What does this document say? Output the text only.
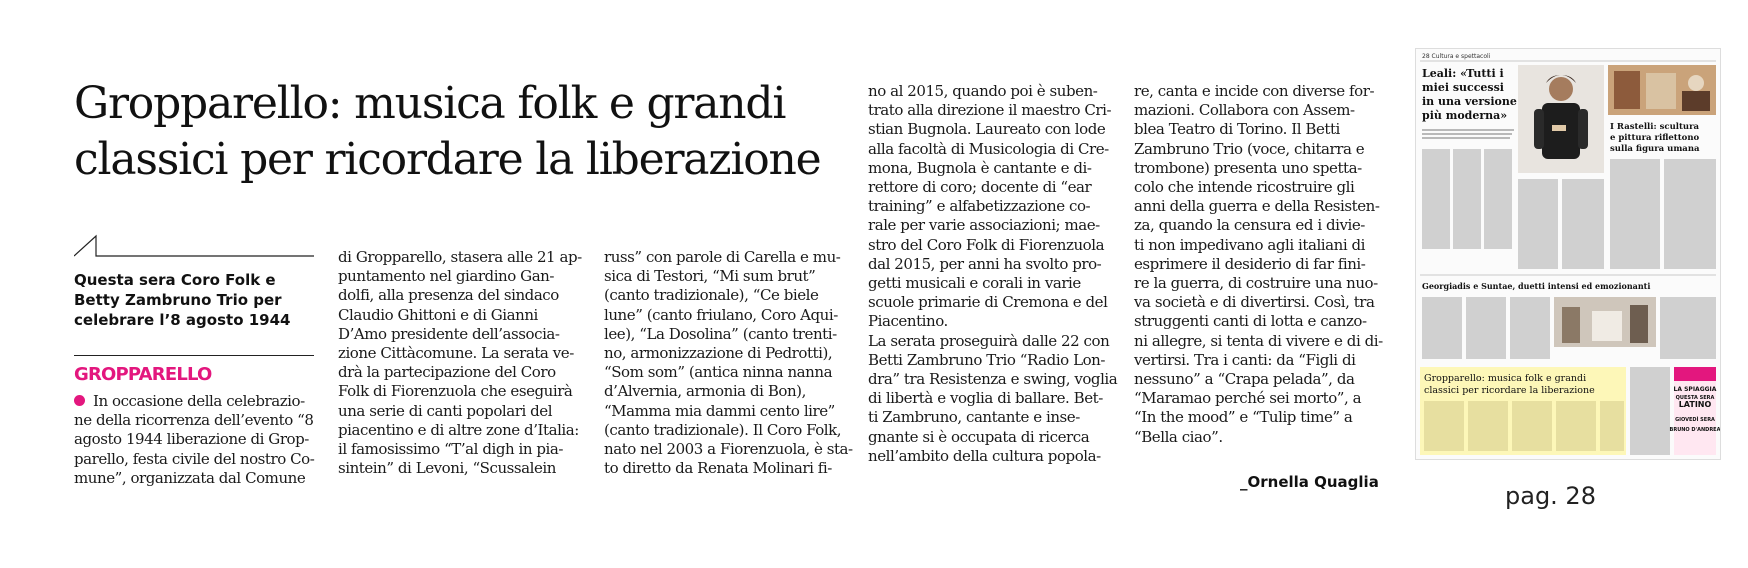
Gropparello: musica folk e grandi
classici per ricordare la liberazione
Questa sera Coro Folk e
Betty Zambruno Trio per
celebrare l’8 agosto 1944
GROPPARELLO
In occasione della celebrazio-
ne della ricorrenza dell’evento “8
agosto 1944 liberazione di Grop-
parello, festa civile del nostro Co-
mune”, organizzata dal Comune
di Gropparello, stasera alle 21 ap-
puntamento nel giardino Gan-
dolfi, alla presenza del sindaco
Claudio Ghittoni e di Gianni
D’Amo presidente dell’associa-
zione Cittàcomune. La serata ve-
drà la partecipazione del Coro
Folk di Fiorenzuola che eseguirà
una serie di canti popolari del
piacentino e di altre zone d’Italia:
il famosissimo “T’al digh in pia-
sintein” di Levoni, “Scussalein
russ” con parole di Carella e mu-
sica di Testori, “Mi sum brut”
(canto tradizionale), “Ce biele
lune” (canto friulano, Coro Aqui-
lee), “La Dosolina” (canto trenti-
no, armonizzazione di Pedrotti),
“Som som” (antica ninna nanna
d’Alvernia, armonia di Bon),
“Mamma mia dammi cento lire”
(canto tradizionale). Il Coro Folk,
nato nel 2003 a Fiorenzuola, è sta-
to diretto da Renata Molinari fi-
no al 2015, quando poi è suben-
trato alla direzione il maestro Cri-
stian Bugnola. Laureato con lode
alla facoltà di Musicologia di Cre-
mona, Bugnola è cantante e di-
rettore di coro; docente di “ear
training” e alfabetizzazione co-
rale per varie associazioni; mae-
stro del Coro Folk di Fiorenzuola
dal 2015, per anni ha svolto pro-
getti musicali e corali in varie
scuole primarie di Cremona e del
Piacentino.
La serata proseguirà dalle 22 con
Betti Zambruno Trio “Radio Lon-
dra” tra Resistenza e swing, voglia
di libertà e voglia di ballare. Bet-
ti Zambruno, cantante e inse-
gnante si è occupata di ricerca
nell’ambito della cultura popola-
re, canta e incide con diverse for-
mazioni. Collabora con Assem-
blea Teatro di Torino. Il Betti
Zambruno Trio (voce, chitarra e
trombone) presenta uno spetta-
colo che intende ricostruire gli
anni della guerra e della Resisten-
za, quando la censura ed i divie-
ti non impedivano agli italiani di
esprimere il desiderio di far fini-
re la guerra, di costruire una nuo-
va società e di divertirsi. Così, tra
struggenti canti di lotta e canzo-
ni allegre, si tenta di vivere e di di-
vertirsi. Tra i canti: da “Figli di
nessuno” a “Crapa pelada”, da
“Maramao perché sei morto”, a
“In the mood” e “Tulip time” a
“Bella ciao”.
_Ornella Quaglia
28 Cultura e spettacoli
Leali: «Tutti i
miei successi
in una versione
più moderna»
I Rastelli: scultura
e pittura riflettono
sulla figura umana
Georgiadis e Suntae, duetti intensi ed emozionanti
Gropparello: musica folk e grandi
classici per ricordare la liberazione	LA SPIAGGIA
LATINO
QUESTA SERA
GIOVEDÌ SERA
BRUNO D'ANDREA
pag. 28
